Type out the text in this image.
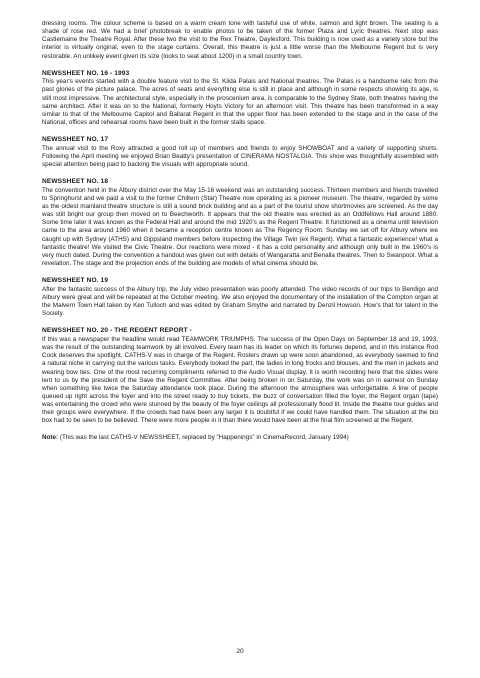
dressing rooms. The colour scheme is based on a warm cream tone with tasteful use of white, salmon and light brown. The seating is a shade of rose red. We had a brief photobreak to enable photos to be taken of the former Plaza and Lyric theatres. Next stop was Castlemaine the Theatre Royal. After these two the visit to the Rex Theatre, Daylesford. This building is now used as a variety store but the interior is virtually original, even to the stage curtains. Overall, this theatre is just a little worse than the Melbourne Regent but is very restorable. An unlikely event given its size (looks to seat about 1200) in a small country town.

NEWSSHEET NO. 16 - 1993

This year's events started with a double feature visit to the St. Kilda Palais and National theatres. The Palais is a handsome relic from the past glories of the picture palace. The acres of seats and everything else is still in place and although in some respects showing its age, is still most impressive. The architectural style, especially in the proscenium area, is comparable to the Sydney State, both theatres having the same architect. After it was on to the National, formerly Hoyts Victory for an afternoon visit. This theatre has been transformed in a way similar to that of the Melbourne Capitol and Ballarat Regent in that the upper floor has been extended to the stage and in the case of the National, offices and rehearsal rooms have been built in the former stalls space.

NEWSSHEET NO. 17

The annual visit to the Roxy attracted a good roll up of members and friends to enjoy SHOWBOAT and a variety of supporting shorts. Following the April meeting we enjoyed Brian Beatty's presentation of CINERAMA NOSTALGIA. This show was thoughtfully assembled with special attention being paid to backing the visuals with appropriate sound.

NEWSSHEET NO. 18

The convention held in the Albury district over the May 15-16 weekend was an outstanding success. Thirteen members and friends travelled to Springhurst and we paid a visit to the former Chiltern (Star) Theatre now operating as a pioneer museum. The theatre, regarded by some as the oldest mainland theatre structure is still a sound brick building and as a part of the tourist show shortmovies are screened. As the day was still bright our group then moved on to Beechworth. It appears that the old theatre was erected as an Oddfellows Hall around 1880. Some time later it was known as the Federal Hall and around the mid 1920's as the Regent Theatre. It functioned as a cinema until television came to the area around 1960 when it became a reception centre known as The Regency Room. Sunday we set off for Albury where we caught up with Sydney (ATHS) and Gippsland members before inspecting the Village Twin (ex Regent). What a fantastic experience! what a fantastic theatre! We visited the Civic Theatre. Our reactions were mixed - it has a cold personality and although only built in the 1960's is very much dated. During the convention a handout was given out with details of Wangaratta and Benalla theatres. Then to Swanpool. What a revelation. The stage and the projection ends of the building are models of what cinema should be.

NEWSSHEET NO. 19

After the fantastic success of the Albury trip, the July video presentation was poorly attended. The video records of our trips to Bendigo and Albury were great and will be repeated at the October meeting. We also enjoyed the documentary of the installation of the Compton organ at the Malvern Town Hall taken by Ken Tulloch and was edited by Graham Smythe and narrated by Denzil Howson. How's that for talent in the Society.

NEWSSHEET NO. 20 - THE REGENT REPORT -

If this was a newspaper the headline would read TEAMWORK TRIUMPHS. The success of the Open Days on September 18 and 19, 1993, was the result of the outstanding teamwork by all involved. Every team has its leader on which its fortunes depend, and in this instance Rod Cook deserves the spotlight. CATHS-V was in charge of the Regent. Rosters drawn up were soon abandoned, as everybody seemed to find a natural niche in carrying out the various tasks. Everybody looked the part, the ladies in long frocks and blouses, and the men in jackets and wearing bow ties. One of the most recurring compliments referred to the Audio Visual display. It is worth recording here that the slides were lent to us by the president of the Save the Regent Committee. After being broken in on Saturday, the work was on in earnest on Sunday when something like twice the Saturday attendance took place. During the afternoon the atmosphere was unforgettable. A line of people queued up right across the foyer and into the street ready to buy tickets, the buzz of conversation filled the foyer, the Regent organ (tape) was entertaining the crowd who were stunned by the beauty of the foyer ceilings all professionally flood lit. Inside the theatre tour guides and their groups were everywhere. If the crowds had have been any larger it is doubtful if we could have handled them. The situation at the bio box had to be seen to be believed. There were more people in it than there would have been at the final film screened at the Regent.

Note: (This was the last CATHS-V NEWSSHEET, replaced by "Happenings" in CinemaRecord, January 1994)

20
